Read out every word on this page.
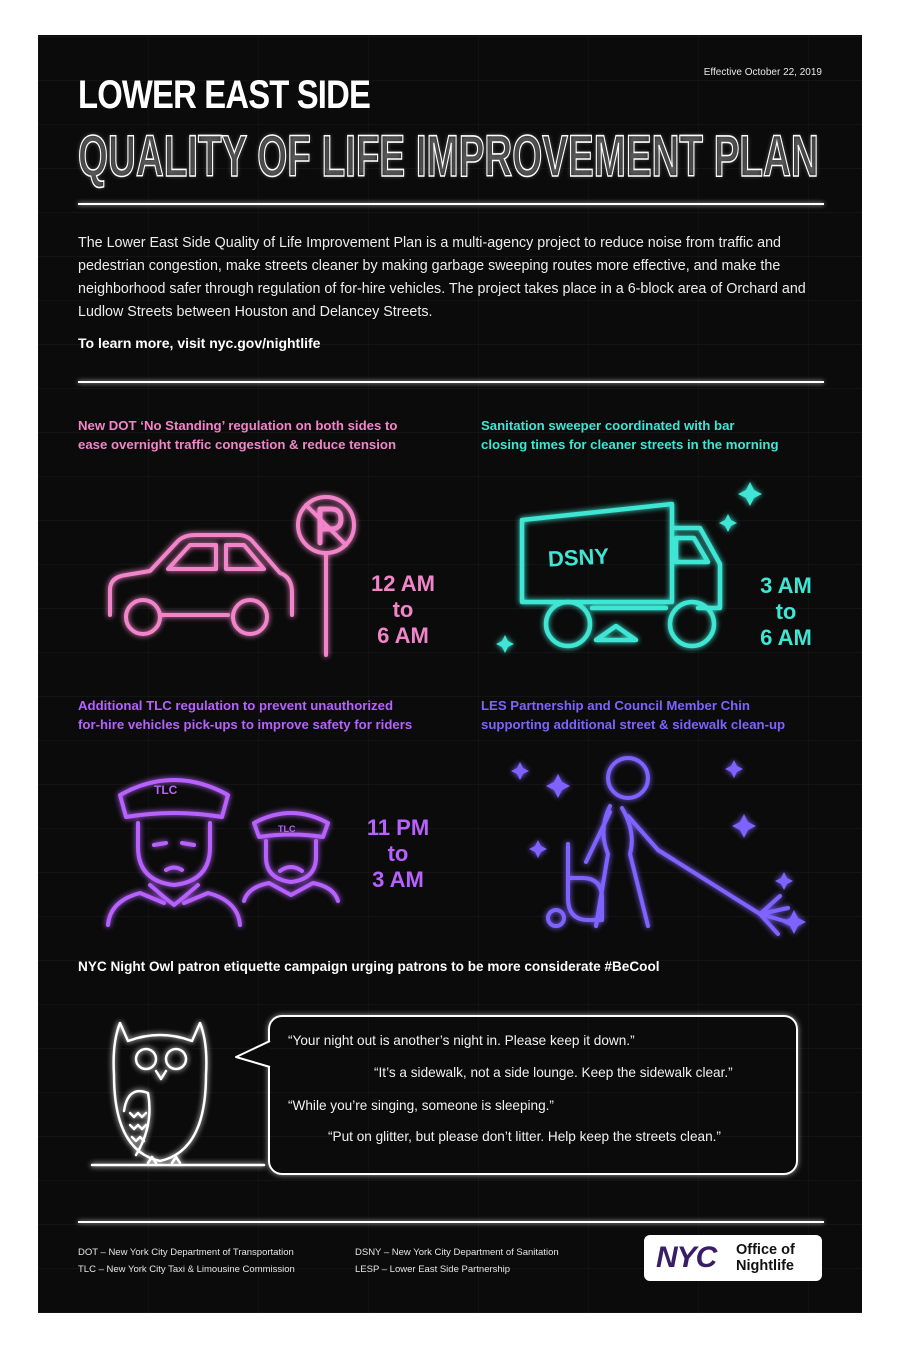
Effective October 22, 2019
LOWER EAST SIDE
QUALITY OF LIFE IMPROVEMENT PLAN
The Lower East Side Quality of Life Improvement Plan is a multi-agency project to reduce noise from traffic and pedestrian congestion, make streets cleaner by making garbage sweeping routes more effective, and make the neighborhood safer through regulation of for-hire vehicles. The project takes place in a 6-block area of Orchard and Ludlow Streets between Houston and Delancey Streets.
To learn more, visit nyc.gov/nightlife
New DOT ‘No Standing’ regulation on both sides to
ease overnight traffic congestion & reduce tension
12 AM
to
6 AM
Sanitation sweeper coordinated with bar
closing times for cleaner streets in the morning
DSNY
3 AM
to
6 AM
Additional TLC regulation to prevent unauthorized
for-hire vehicles pick-ups to improve safety for riders
TLC
TLC	11 PM
to
3 AM
LES Partnership and Council Member Chin
supporting additional street & sidewalk clean-up
NYC Night Owl patron etiquette campaign urging patrons to be more considerate #BeCool
“Your night out is another’s night in. Please keep it down.”
“It’s a sidewalk, not a side lounge. Keep the sidewalk clear.”
“While you’re singing, someone is sleeping.”
“Put on glitter, but please don’t litter. Help keep the streets clean.”
DOT – New York City Department of Transportation
TLC – New York City Taxi & Limousine Commission
DSNY – New York City Department of Sanitation
LESP – Lower East Side Partnership	NYC Office of
Nightlife
